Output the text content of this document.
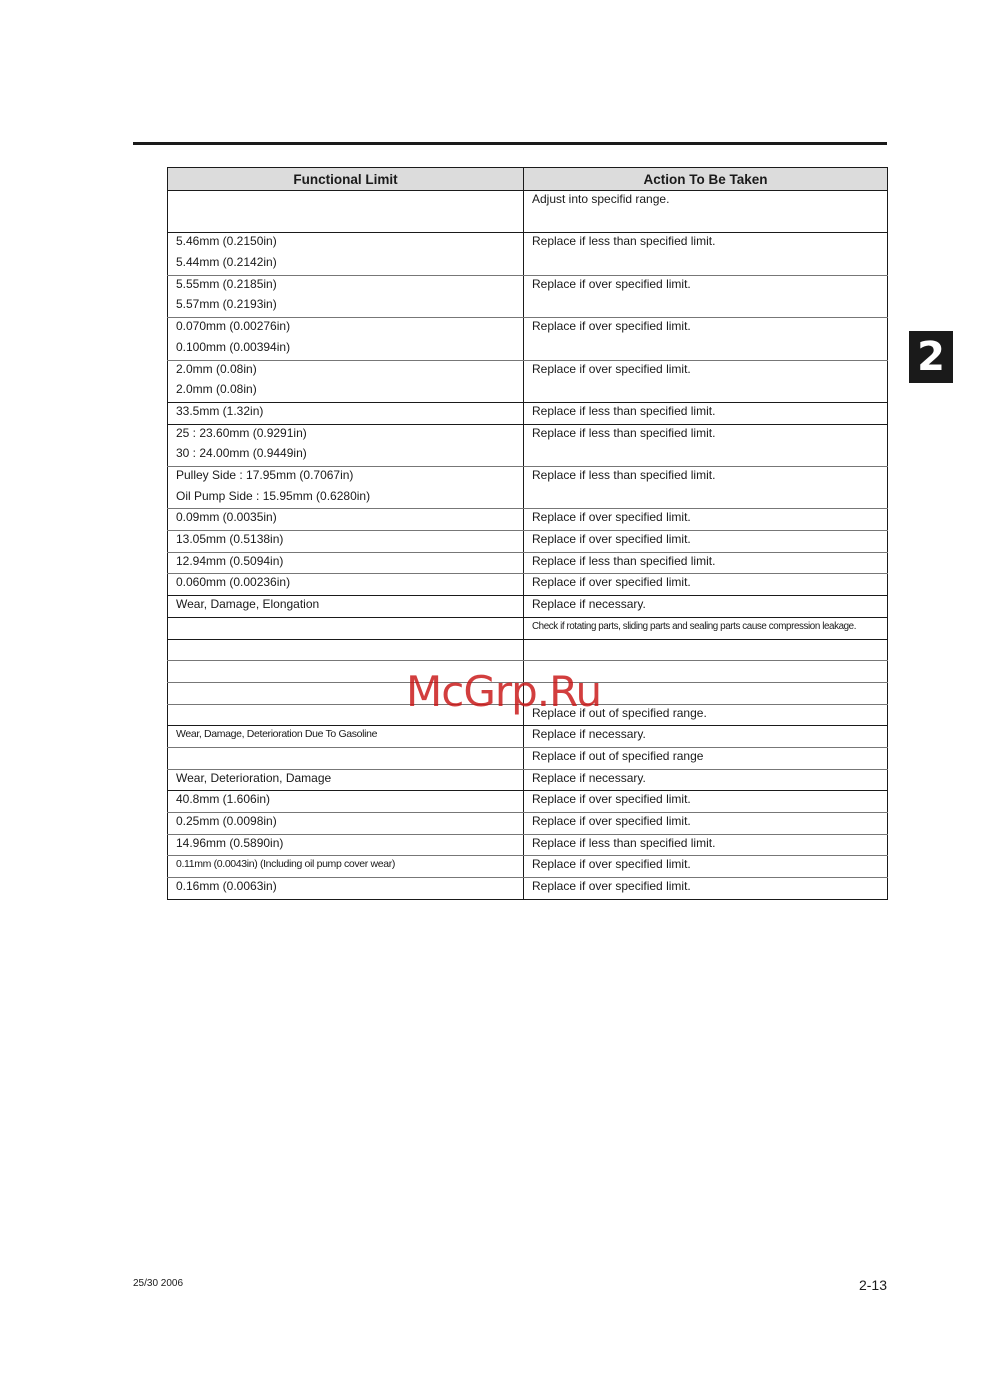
Functional Limit	Action To Be Taken

	Adjust into specifid range.

5.46mm (0.2150in)
5.44mm (0.2142in)	Replace if less than specified limit.

5.55mm (0.2185in)
5.57mm (0.2193in)	Replace if over specified limit.

0.070mm (0.00276in)
0.100mm (0.00394in)	Replace if over specified limit.

2.0mm (0.08in)
2.0mm (0.08in)	Replace if over specified limit.

33.5mm (1.32in)	Replace if less than specified limit.

25 : 23.60mm (0.9291in)
30 : 24.00mm (0.9449in)	Replace if less than specified limit.

Pulley Side : 17.95mm (0.7067in)
Oil Pump Side : 15.95mm (0.6280in)	Replace if less than specified limit.

0.09mm (0.0035in)	Replace if over specified limit.

13.05mm (0.5138in)	Replace if over specified limit.

12.94mm (0.5094in)	Replace if less than specified limit.

0.060mm (0.00236in)	Replace if over specified limit.

Wear, Damage, Elongation	Replace if necessary.

	Check if rotating parts, sliding parts and sealing parts cause compression leakage.

	Replace if out of specified range.

Wear, Damage, Deterioration Due To Gasoline	Replace if necessary.

	Replace if out of specified range

Wear, Deterioration, Damage	Replace if necessary.

40.8mm (1.606in)	Replace if over specified limit.

0.25mm (0.0098in)	Replace if over specified limit.

14.96mm (0.5890in)	Replace if less than specified limit.

0.11mm (0.0043in) (Including oil pump cover wear)	Replace if over specified limit.

0.16mm (0.0063in)	Replace if over specified limit.
2
McGrp.Ru
25/30 2006	2-13
